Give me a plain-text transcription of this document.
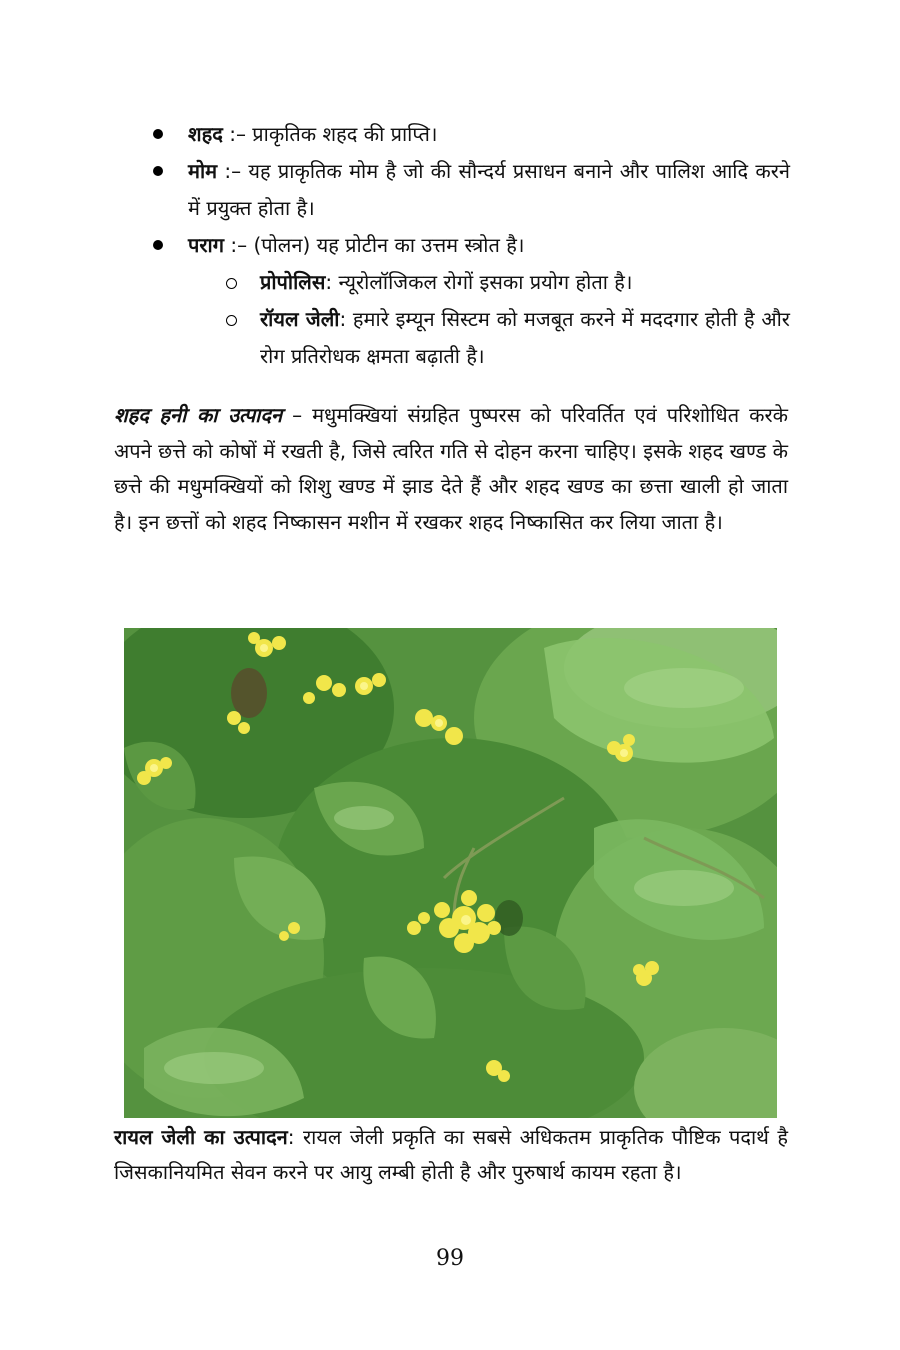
शहद :– प्राकृतिक शहद की प्राप्ति।
मोम :– यह प्राकृतिक मोम है जो की सौन्दर्य प्रसाधन बनाने और पालिश आदि करने में प्रयुक्त होता है।
पराग :– (पोलन) यह प्रोटीन का उत्तम स्त्रोत है।
प्रोपोलिस: न्यूरोलॉजिकल रोगों इसका प्रयोग होता है।
रॉयल जेली: हमारे इम्यून सिस्टम को मजबूत करने में मददगार होती है और रोग प्रतिरोधक क्षमता बढ़ाती है।

शहद हनी का उत्पादन – मधुमक्खियां संग्रहित पुष्परस को परिवर्तित एवं परिशोधित करके अपने छत्ते को कोषों में रखती है, जिसे त्वरित गति से दोहन करना चाहिए। इसके शहद खण्ड के छत्ते की मधुमक्खियों को शिशु खण्ड में झाड देते हैं और शहद खण्ड का छत्ता खाली हो जाता है। इन छत्तों को शहद निष्कासन मशीन में रखकर शहद निष्कासित कर लिया जाता है।

रायल जेली का उत्पादन: रायल जेली प्रकृति का सबसे अधिकतम प्राकृतिक पौष्टिक पदार्थ है जिसकानियमित सेवन करने पर आयु लम्बी होती है और पुरुषार्थ कायम रहता है।

99
